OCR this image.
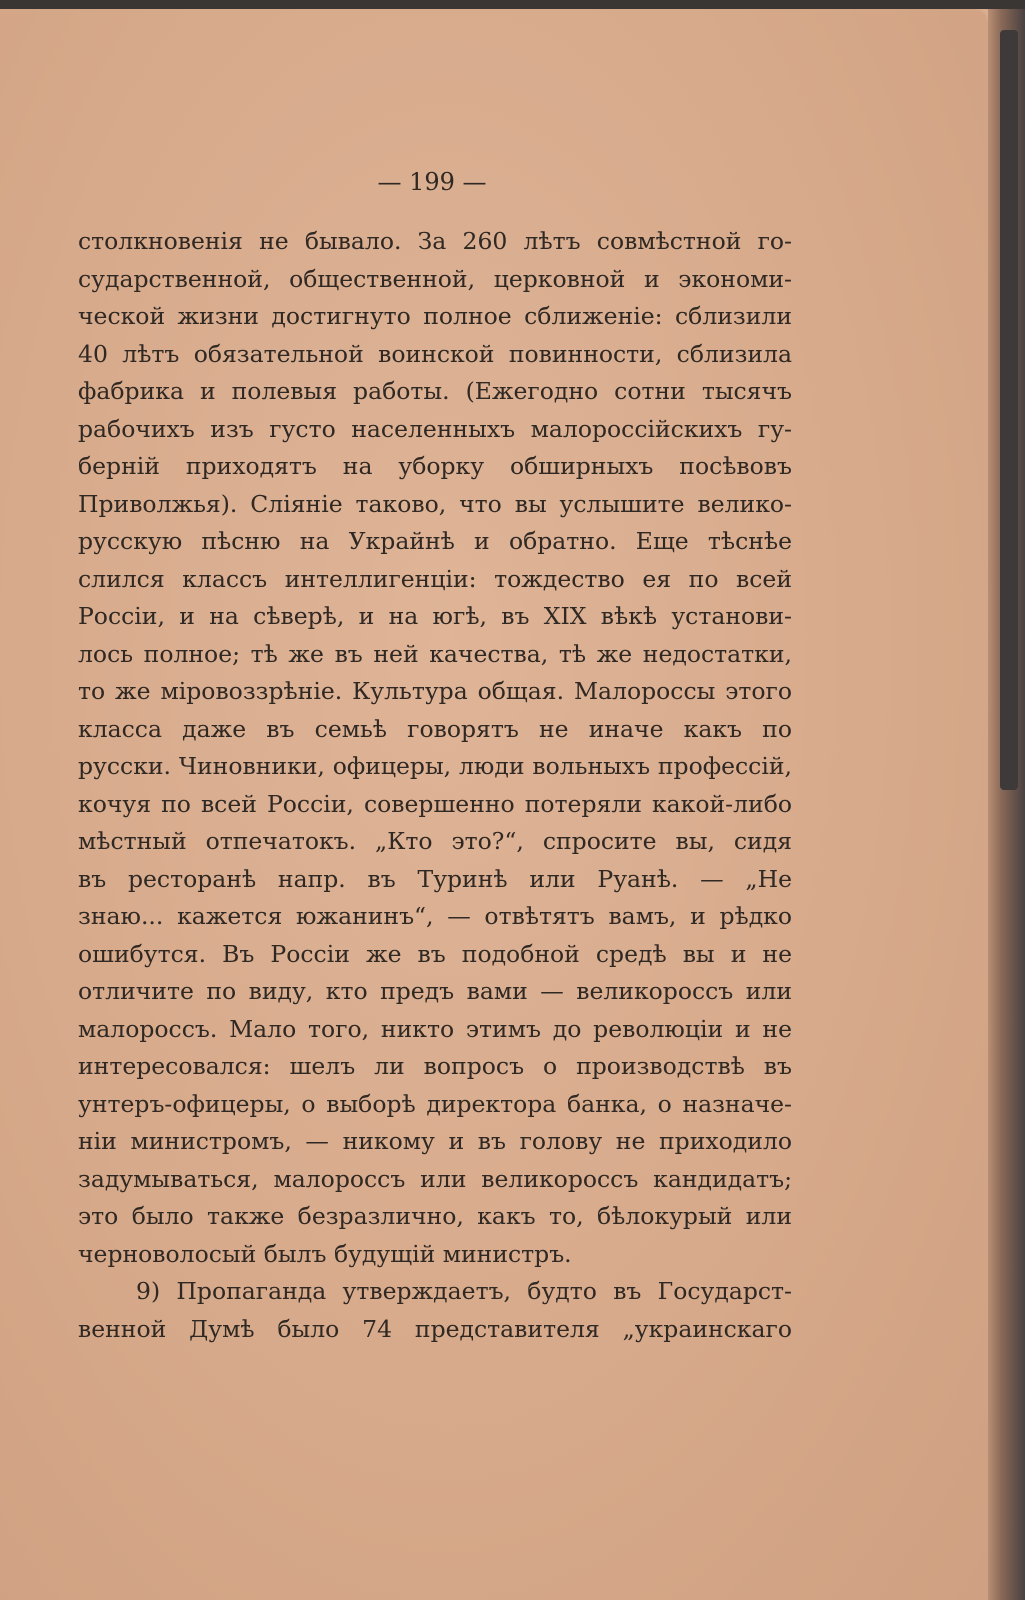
— 199 —
столкновенія не бывало. За 260 лѣтъ совмѣстной го-
сударственной, общественной, церковной и экономи-
ческой жизни достигнуто полное сближеніе: сблизили
40 лѣтъ обязательной воинской повинности, сблизила
фабрика и полевыя работы. (Ежегодно сотни тысячъ
рабочихъ изъ густо населенныхъ малороссійскихъ гу-
берній приходятъ на уборку обширныхъ посѣвовъ
Приволжья). Сліяніе таково, что вы услышите велико-
русскую пѣсню на Украйнѣ и обратно. Еще тѣснѣе
слился классъ интеллигенціи: тождество ея по всей
Россіи, и на сѣверѣ, и на югѣ, въ XIX вѣкѣ установи-
лось полное; тѣ же въ ней качества, тѣ же недостатки,
то же міровоззрѣніе. Культура общая. Малороссы этого
класса даже въ семьѣ говорятъ не иначе какъ по
русски. Чиновники, офицеры, люди вольныхъ профессій,
кочуя по всей Россіи, совершенно потеряли какой-либо
мѣстный отпечатокъ. „Кто это?“, спросите вы, сидя
въ ресторанѣ напр. въ Туринѣ или Руанѣ. — „Не
знаю... кажется южанинъ“, — отвѣтятъ вамъ, и рѣдко
ошибутся. Въ Россіи же въ подобной средѣ вы и не
отличите по виду, кто предъ вами — великороссъ или
малороссъ. Мало того, никто этимъ до революціи и не
интересовался: шелъ ли вопросъ о производствѣ въ
унтеръ-офицеры, о выборѣ директора банка, о назначе-
ніи министромъ, — никому и въ голову не приходило
задумываться, малороссъ или великороссъ кандидатъ;
это было также безразлично, какъ то, бѣлокурый или
черноволосый былъ будущій министръ.
9) Пропаганда утверждаетъ, будто въ Государст-
венной Думѣ было 74 представителя „украинскаго
